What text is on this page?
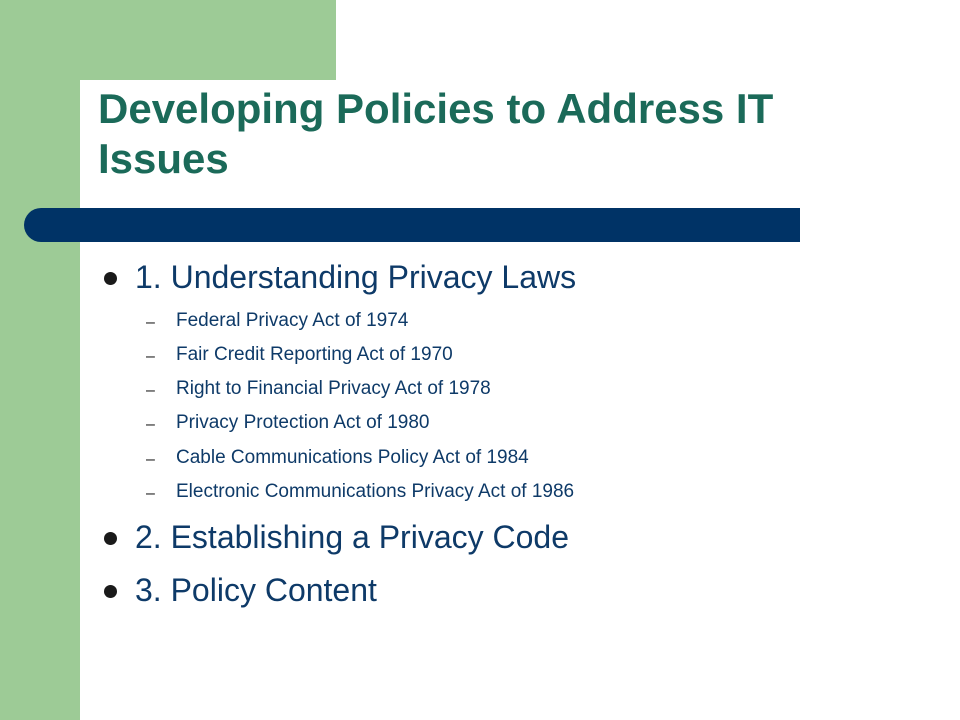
Developing Policies to Address IT Issues
1. Understanding Privacy Laws
–	Federal Privacy Act of 1974
–	Fair Credit Reporting Act of 1970
–	Right to Financial Privacy Act of 1978
–	Privacy Protection Act of 1980
–	Cable Communications Policy Act of 1984
–	Electronic Communications Privacy Act of 1986
2. Establishing a Privacy Code
3. Policy Content
